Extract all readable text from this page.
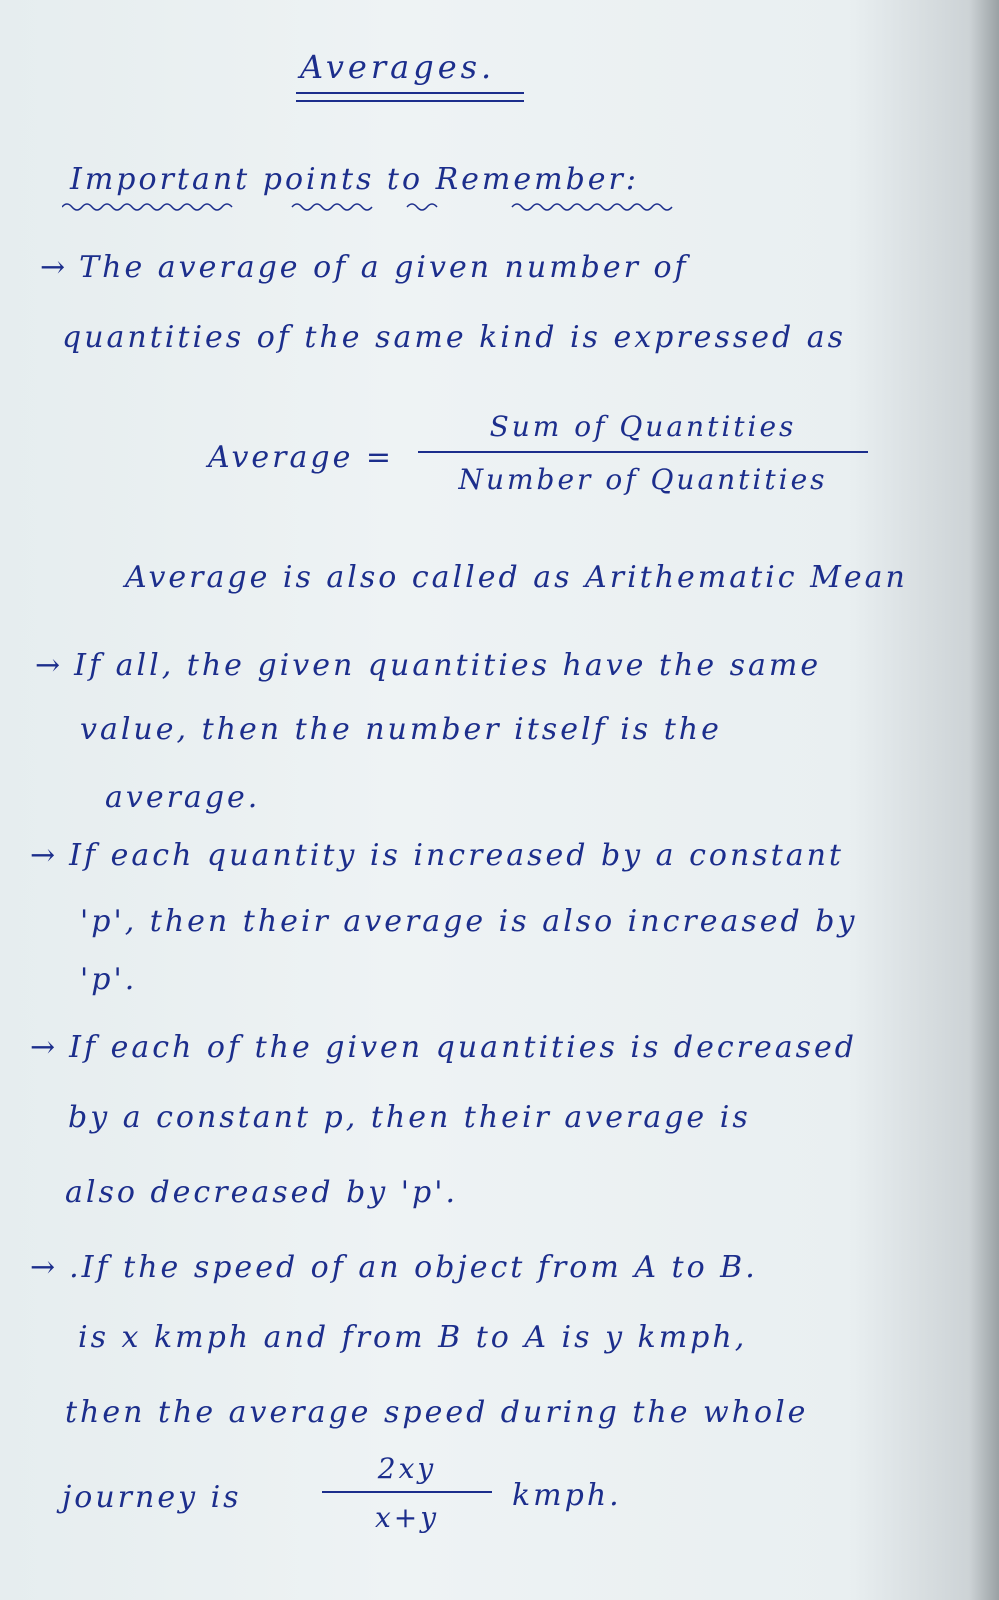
Averages.
Important points to Remember:
→ The average of a given number of
quantities of the same kind is expressed as
Average =
Sum of Quantities
Number of Quantities
Average is also called as Arithematic Mean
→ If all, the given quantities have the same
value, then the number itself is the
average.
→ If each quantity is increased by a constant
'p', then their average is also increased by
'p'.
→ If each of the given quantities is decreased
by a constant p, then their average is
also decreased by 'p'.
→ .If the speed of an object from A to B.
is x kmph and from B to A is y kmph,
then the average speed during the whole
journey is
2xy
x+y
kmph.
